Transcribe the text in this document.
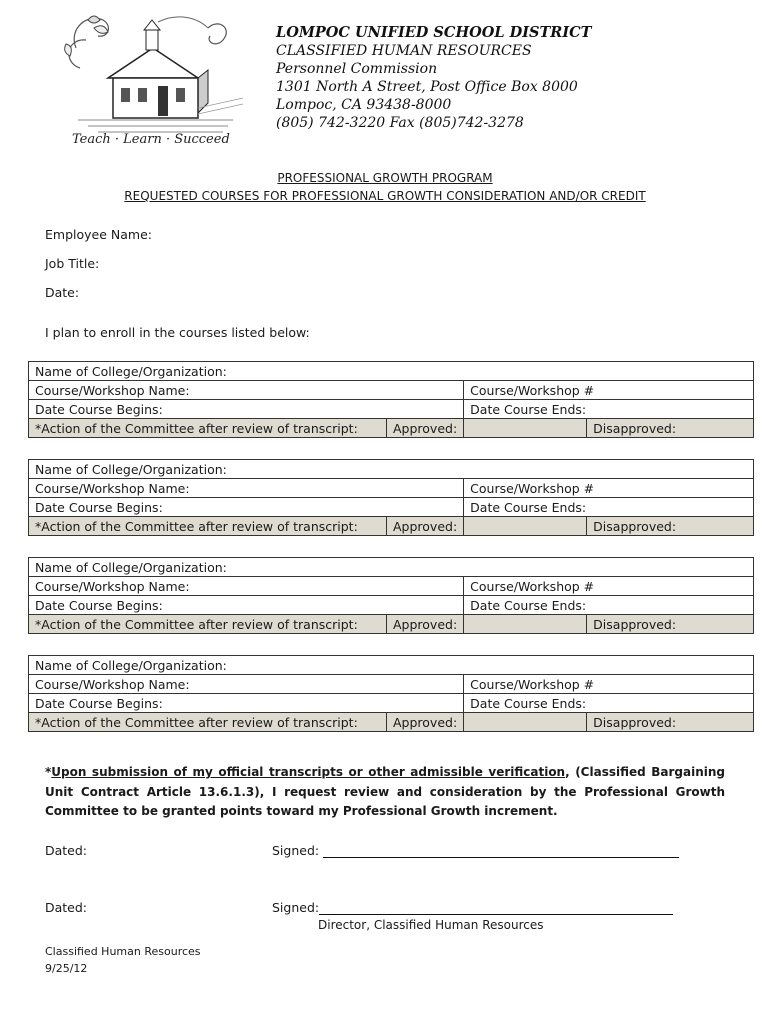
Teach · Learn · Succeed
LOMPOC UNIFIED SCHOOL DISTRICT
CLASSIFIED HUMAN RESOURCES
Personnel Commission
1301 North A Street, Post Office Box 8000
Lompoc, CA 93438-8000
(805) 742-3220 Fax (805)742-3278
PROFESSIONAL GROWTH PROGRAM
REQUESTED COURSES FOR PROFESSIONAL GROWTH CONSIDERATION AND/OR CREDIT
Employee Name:
Job Title:
Date:
I plan to enroll in the courses listed below:
Name of College/Organization:			
Course/Workshop Name:		Course/Workshop #	
Date Course Begins:		Date Course Ends:	
*Action of the Committee after review of transcript:	Approved:		Disapproved:
Name of College/Organization:			
Course/Workshop Name:		Course/Workshop #	
Date Course Begins:		Date Course Ends:	
*Action of the Committee after review of transcript:	Approved:		Disapproved:
Name of College/Organization:			
Course/Workshop Name:		Course/Workshop #	
Date Course Begins:		Date Course Ends:	
*Action of the Committee after review of transcript:	Approved:		Disapproved:
Name of College/Organization:			
Course/Workshop Name:		Course/Workshop #	
Date Course Begins:		Date Course Ends:	
*Action of the Committee after review of transcript:	Approved:		Disapproved:
*Upon submission of my official transcripts or other admissible verification, (Classified Bargaining Unit Contract Article 13.6.1.3), I request review and consideration by the Professional Growth Committee to be granted points toward my Professional Growth increment.
Dated:	Signed:
Dated:	Signed:
Director, Classified Human Resources
Classified Human Resources
9/25/12
